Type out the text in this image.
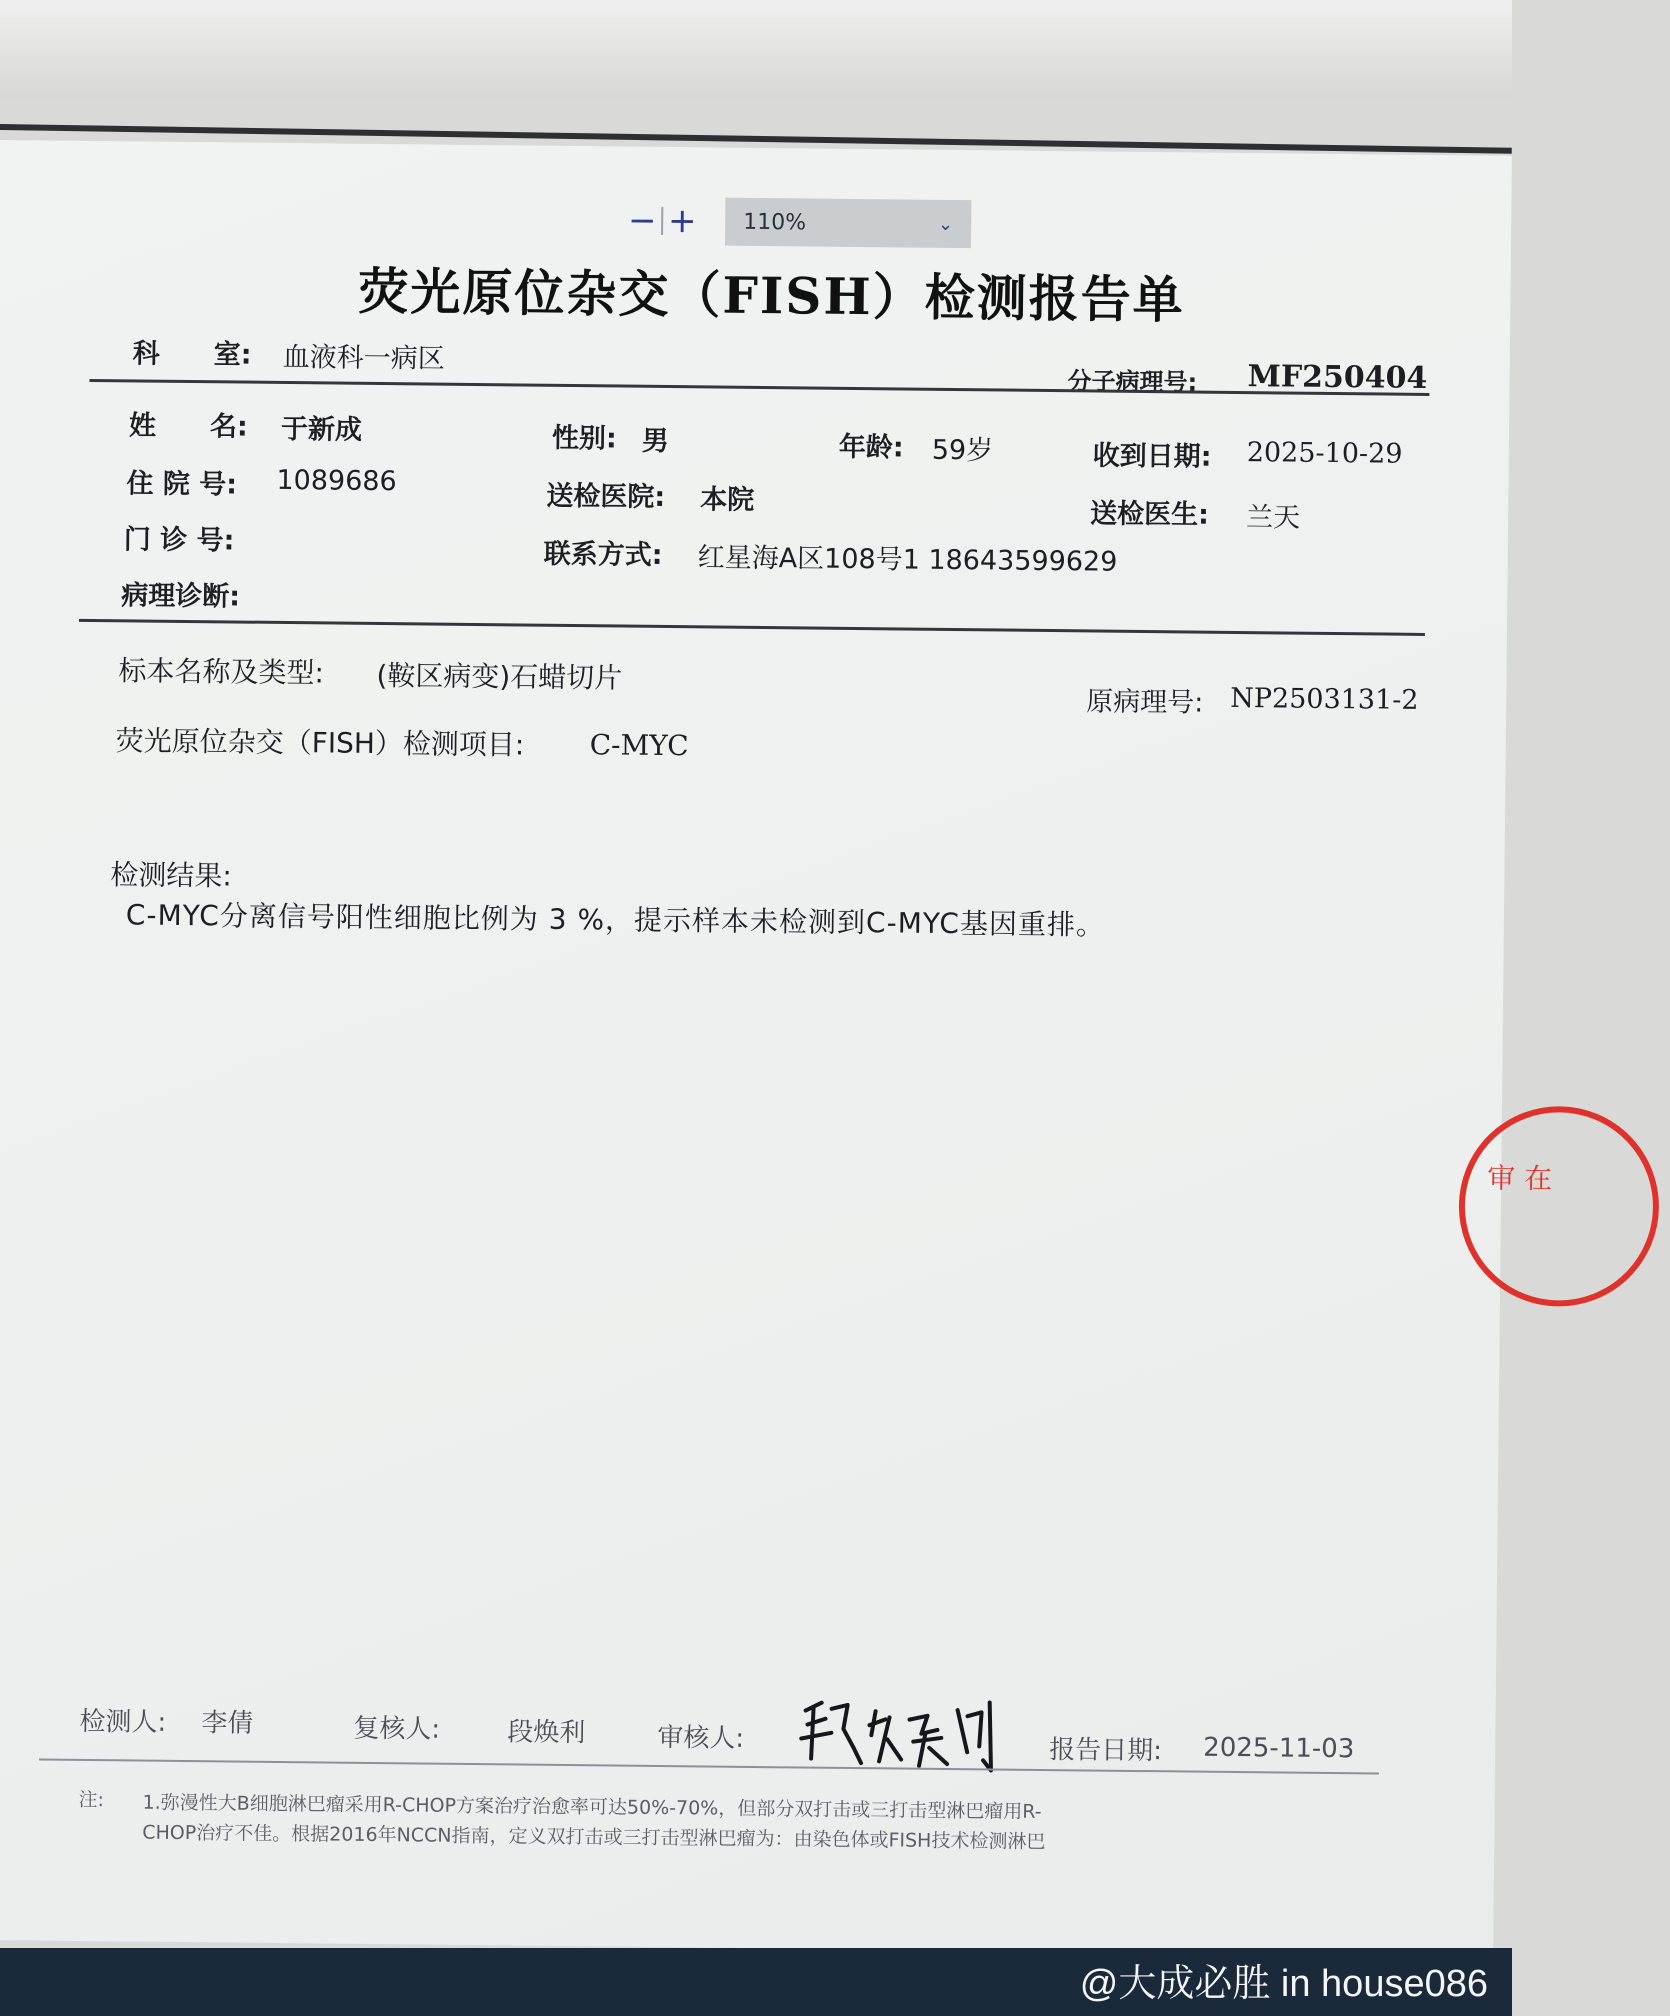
− + 110%	⌄
荧光原位杂交（FISH）检测报告单
科　　室: 血液科一病区
分子病理号: MF250404
姓　　名: 于新成	性别: 男	年龄: 59岁	收到日期: 2025-10-29
住 院 号: 1089686	送检医院: 本院	送检医生: 兰天
门 诊 号:	联系方式: 红星海A区108号1 18643599629
病理诊断:
标本名称及类型: (鞍区病变)石蜡切片
原病理号: NP2503131-2
荧光原位杂交（FISH）检测项目: C-MYC
检测结果:
C-MYC分离信号阳性细胞比例为 3 %，提示样本未检测到C-MYC基因重排。
审 在
检测人: 李倩	复核人:	段焕利	审核人:	报告日期: 2025-11-03
注: 1.弥漫性大B细胞淋巴瘤采用R-CHOP方案治疗治愈率可达50%-70%，但部分双打击或三打击型淋巴瘤用R-
CHOP治疗不佳。根据2016年NCCN指南，定义双打击或三打击型淋巴瘤为：由染色体或FISH技术检测淋巴
@大成必胜 in house086
